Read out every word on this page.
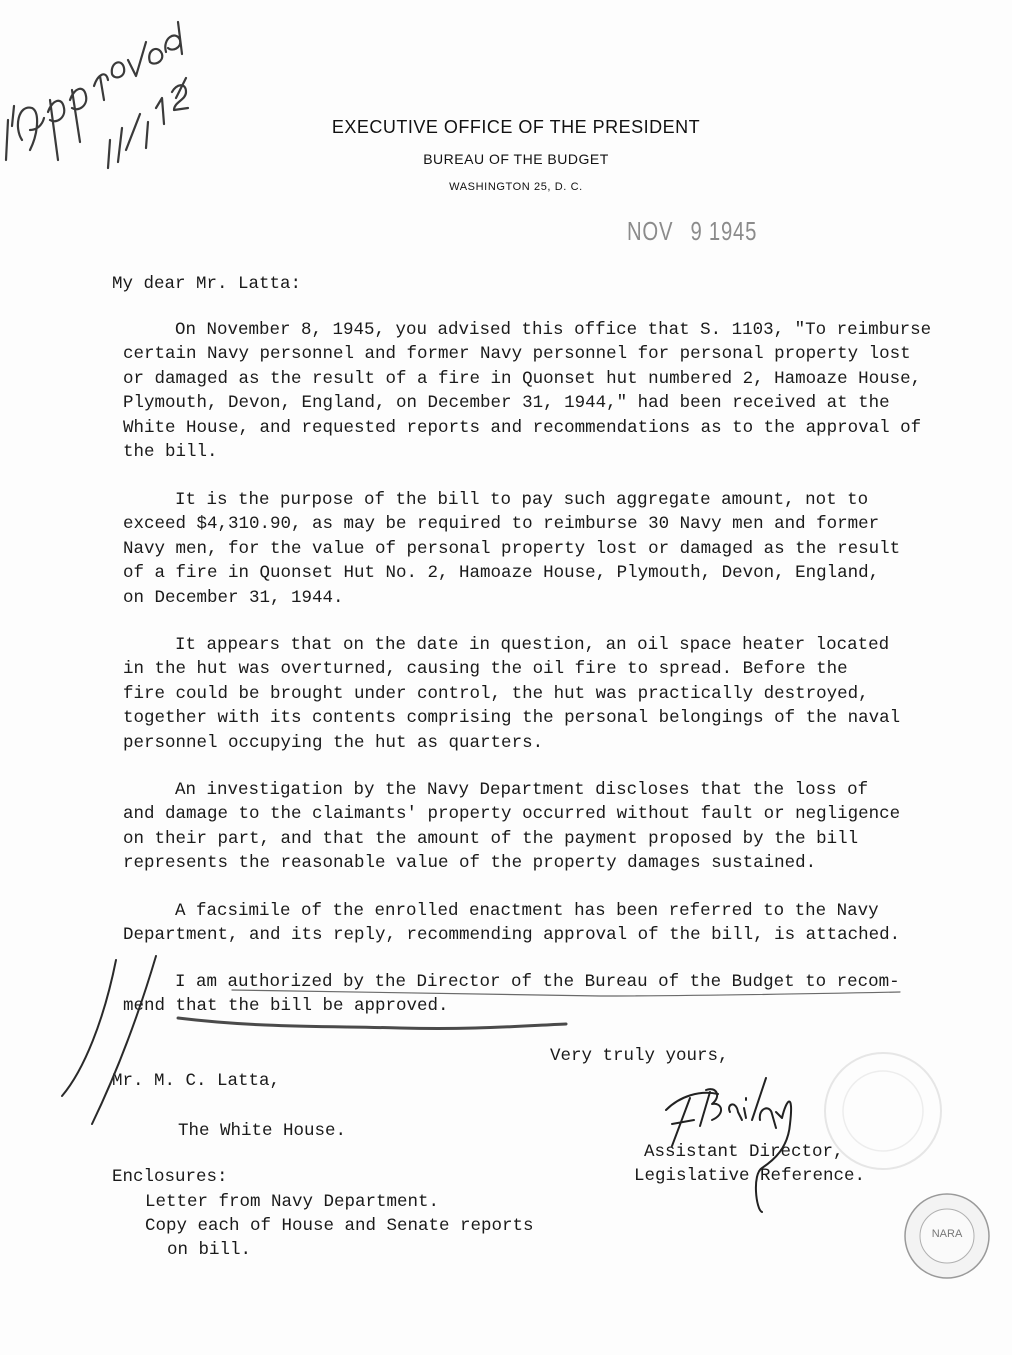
EXECUTIVE OFFICE OF THE PRESIDENT
BUREAU OF THE BUDGET
WASHINGTON 25, D. C.
NOV 9 1945
My dear Mr. Latta:
On November 8, 1945, you advised this office that S. 1103, "To reimburse
certain Navy personnel and former Navy personnel for personal property lost
or damaged as the result of a fire in Quonset hut numbered 2, Hamoaze House,
Plymouth, Devon, England, on December 31, 1944," had been received at the
White House, and requested reports and recommendations as to the approval of
the bill.
It is the purpose of the bill to pay such aggregate amount, not to
exceed $4,310.90, as may be required to reimburse 30 Navy men and former
Navy men, for the value of personal property lost or damaged as the result
of a fire in Quonset Hut No. 2, Hamoaze House, Plymouth, Devon, England,
on December 31, 1944.
It appears that on the date in question, an oil space heater located
in the hut was overturned, causing the oil fire to spread. Before the
fire could be brought under control, the hut was practically destroyed,
together with its contents comprising the personal belongings of the naval
personnel occupying the hut as quarters.
An investigation by the Navy Department discloses that the loss of
and damage to the claimants' property occurred without fault or negligence
on their part, and that the amount of the payment proposed by the bill
represents the reasonable value of the property damages sustained.
A facsimile of the enrolled enactment has been referred to the Navy
Department, and its reply, recommending approval of the bill, is attached.
I am authorized by the Director of the Bureau of the Budget to recom-
mend that the bill be approved.
Very truly yours,
Mr. M. C. Latta,
The White House.
Assistant Director,
Legislative Reference.
Enclosures:
Letter from Navy Department.
Copy each of House and Senate reports
on bill.
NARA
